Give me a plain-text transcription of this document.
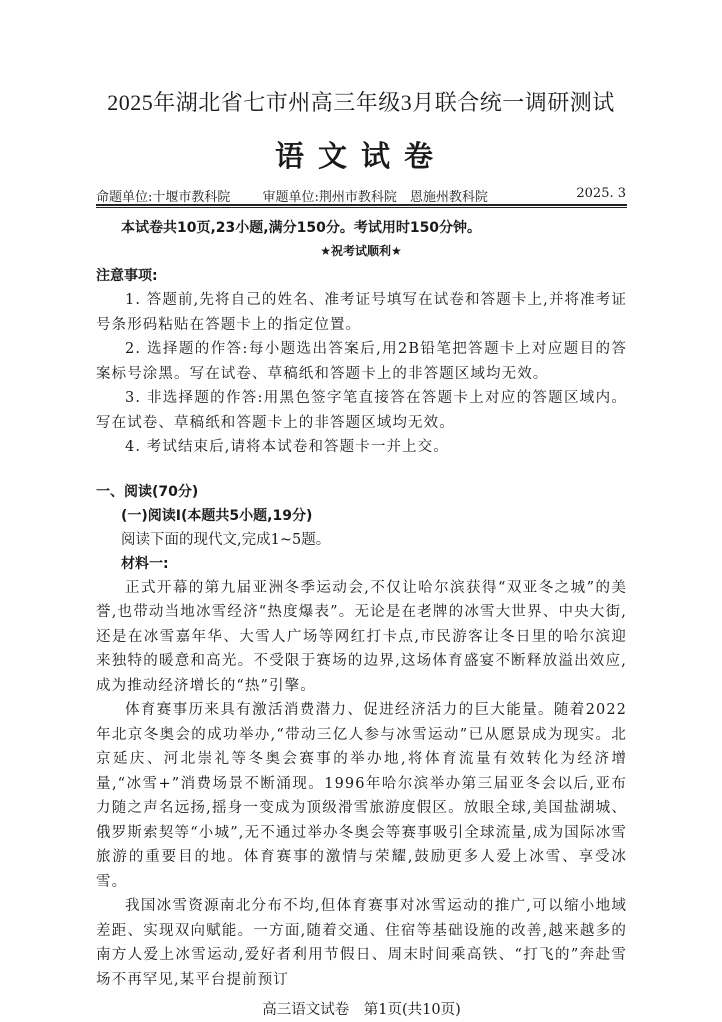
2025年湖北省七市州高三年级3月联合统一调研测试
语文试卷
命题单位:十堰市教科院 审题单位:荆州市教科院　恩施州教科院	2025. 3
本试卷共10页,23小题,满分150分。考试用时150分钟。
★祝考试顺利★
注意事项:

1. 答题前,先将自己的姓名、准考证号填写在试卷和答题卡上,并将准考证号条形码粘贴在答题卡上的指定位置。

2. 选择题的作答:每小题选出答案后,用2B铅笔把答题卡上对应题目的答案标号涂黑。写在试卷、草稿纸和答题卡上的非答题区域均无效。

3. 非选择题的作答:用黑色签字笔直接答在答题卡上对应的答题区域内。写在试卷、草稿纸和答题卡上的非答题区域均无效。

4. 考试结束后,请将本试卷和答题卡一并上交。

一、阅读(70分)
(一)阅读Ⅰ(本题共5小题,19分)
阅读下面的现代文,完成1~5题。
材料一:

正式开幕的第九届亚洲冬季运动会,不仅让哈尔滨获得“双亚冬之城”的美誉,也带动当地冰雪经济“热度爆表”。无论是在老牌的冰雪大世界、中央大街,还是在冰雪嘉年华、大雪人广场等网红打卡点,市民游客让冬日里的哈尔滨迎来独特的暖意和高光。不受限于赛场的边界,这场体育盛宴不断释放溢出效应,成为推动经济增长的“热”引擎。

体育赛事历来具有激活消费潜力、促进经济活力的巨大能量。随着2022年北京冬奥会的成功举办,“带动三亿人参与冰雪运动”已从愿景成为现实。北京延庆、河北崇礼等冬奥会赛事的举办地,将体育流量有效转化为经济增量,“冰雪+”消费场景不断涌现。1996年哈尔滨举办第三届亚冬会以后,亚布力随之声名远扬,摇身一变成为顶级滑雪旅游度假区。放眼全球,美国盐湖城、俄罗斯索契等“小城”,无不通过举办冬奥会等赛事吸引全球流量,成为国际冰雪旅游的重要目的地。体育赛事的激情与荣耀,鼓励更多人爱上冰雪、享受冰雪。

我国冰雪资源南北分布不均,但体育赛事对冰雪运动的推广,可以缩小地域差距、实现双向赋能。一方面,随着交通、住宿等基础设施的改善,越来越多的南方人爱上冰雪运动,爱好者利用节假日、周末时间乘高铁、“打飞的”奔赴雪场不再罕见,某平台提前预订

高三语文试卷　第1页(共10页)
